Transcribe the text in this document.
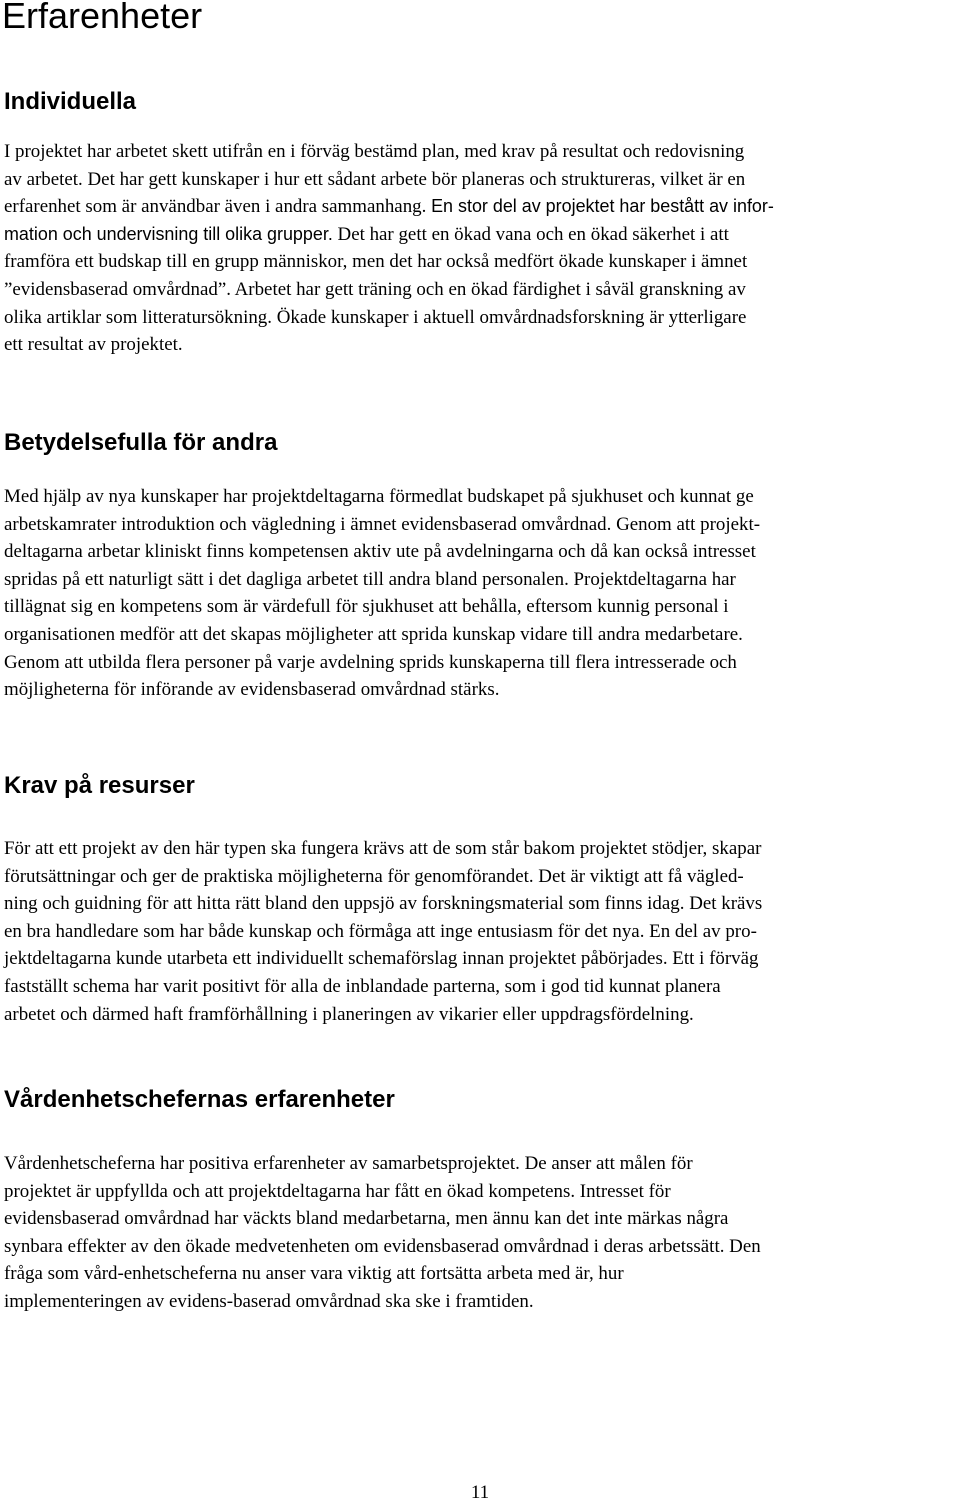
Erfarenheter
Individuella
I projektet har arbetet skett utifrån en i förväg bestämd plan, med krav på resultat och redovisning
av arbetet. Det har gett kunskaper i hur ett sådant arbete bör planeras och struktureras, vilket är en
erfarenhet som är användbar även i andra sammanhang. En stor del av projektet har bestått av infor-
mation och undervisning till olika grupper. Det har gett en ökad vana och en ökad säkerhet i att
framföra ett budskap till en grupp människor, men det har också medfört ökade kunskaper i ämnet
”evidensbaserad omvårdnad”. Arbetet har gett träning och en ökad färdighet i såväl granskning av
olika artiklar som litteratursökning. Ökade kunskaper i aktuell omvårdnadsforskning är ytterligare
ett resultat av projektet.
Betydelsefulla för andra
Med hjälp av nya kunskaper har projektdeltagarna förmedlat budskapet på sjukhuset och kunnat ge
arbetskamrater introduktion och vägledning i ämnet evidensbaserad omvårdnad. Genom att projekt-
deltagarna arbetar kliniskt finns kompetensen aktiv ute på avdelningarna och då kan också intresset
spridas på ett naturligt sätt i det dagliga arbetet till andra bland personalen. Projektdeltagarna har
tillägnat sig en kompetens som är värdefull för sjukhuset att behålla, eftersom kunnig personal i
organisationen medför att det skapas möjligheter att sprida kunskap vidare till andra medarbetare.
Genom att utbilda flera personer på varje avdelning sprids kunskaperna till flera intresserade och
möjligheterna för införande av evidensbaserad omvårdnad stärks.
Krav på resurser
För att ett projekt av den här typen ska fungera krävs att de som står bakom projektet stödjer, skapar
förutsättningar och ger de praktiska möjligheterna för genomförandet. Det är viktigt att få vägled-
ning och guidning för att hitta rätt bland den uppsjö av forskningsmaterial som finns idag. Det krävs
en bra handledare som har både kunskap och förmåga att inge entusiasm för det nya. En del av pro-
jektdeltagarna kunde utarbeta ett individuellt schemaförslag innan projektet påbörjades. Ett i förväg
fastställt schema har varit positivt för alla de inblandade parterna, som i god tid kunnat planera
arbetet och därmed haft framförhållning i planeringen av vikarier eller uppdragsfördelning.
Vårdenhetschefernas erfarenheter
Vårdenhetscheferna har positiva erfarenheter av samarbetsprojektet. De anser att målen för
projektet är uppfyllda och att projektdeltagarna har fått en ökad kompetens. Intresset för
evidensbaserad omvårdnad har väckts bland medarbetarna, men ännu kan det inte märkas några
synbara effekter av den ökade medvetenheten om evidensbaserad omvårdnad i deras arbetssätt. Den
fråga som vård-enhetscheferna nu anser vara viktig att fortsätta arbeta med är, hur
implementeringen av evidens-baserad omvårdnad ska ske i framtiden.
11
